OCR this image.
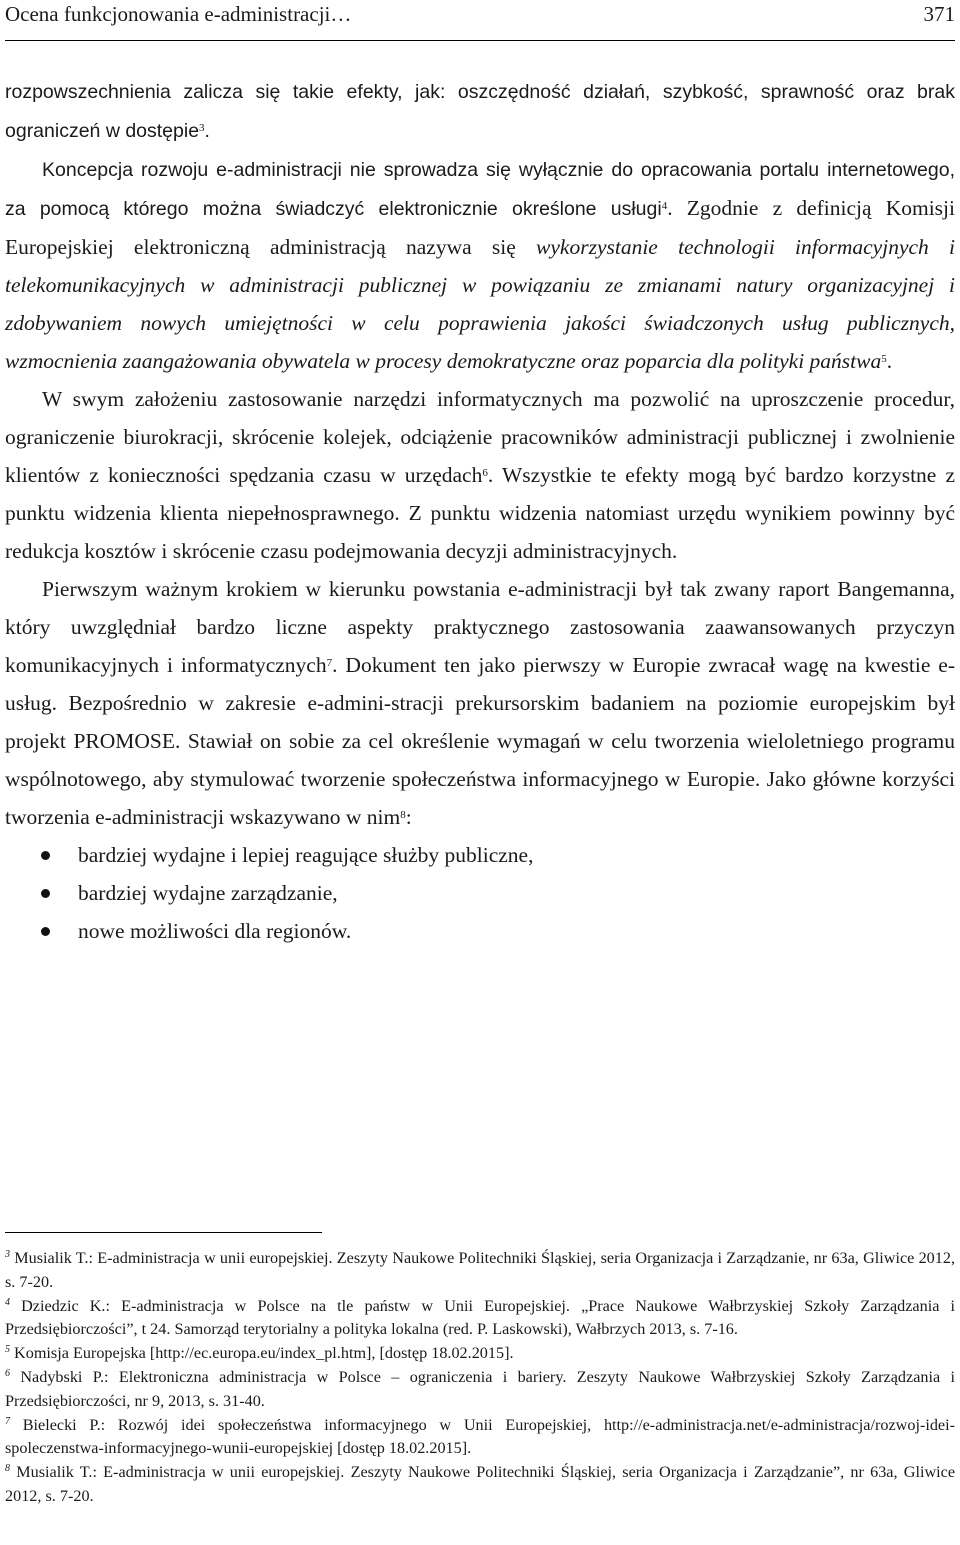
Ocena funkcjonowania e-administracji…	371

rozpowszechnienia zalicza się takie efekty, jak: oszczędność działań, szybkość, sprawność oraz brak ograniczeń w dostępie$^3$.

Koncepcja rozwoju e-administracji nie sprowadza się wyłącznie do opracowania portalu internetowego, za pomocą którego można świadczyć elektronicznie określone usługi$^4$. Zgodnie z definicją Komisji Europejskiej elektroniczną administracją nazywa się wykorzystanie technologii informacyjnych i telekomunikacyjnych w administracji publicznej w powiązaniu ze zmianami natury organizacyjnej i zdobywaniem nowych umiejętności w celu poprawienia jakości świadczonych usług publicznych, wzmocnienia zaangażowania obywatela w procesy demokratyczne oraz poparcia dla polityki państwa$^5$.

W swym założeniu zastosowanie narzędzi informatycznych ma pozwolić na uproszczenie procedur, ograniczenie biurokracji, skrócenie kolejek, odciążenie pracowników administracji publicznej i zwolnienie klientów z konieczności spędzania czasu w urzędach$^6$. Wszystkie te efekty mogą być bardzo korzystne z punktu widzenia klienta niepełnosprawnego. Z punktu widzenia natomiast urzędu wynikiem powinny być redukcja kosztów i skrócenie czasu podejmowania decyzji administracyjnych.

Pierwszym ważnym krokiem w kierunku powstania e-administracji był tak zwany raport Bangemanna, który uwzględniał bardzo liczne aspekty praktycznego zastosowania zaawansowanych przyczyn komunikacyjnych i informatycznych$^7$. Dokument ten jako pierwszy w Europie zwracał wagę na kwestie e-usług. Bezpośrednio w zakresie e-admini-stracji prekursorskim badaniem na poziomie europejskim był projekt PROMOSE. Stawiał on sobie za cel określenie wymagań w celu tworzenia wieloletniego programu wspólnotowego, aby stymulować tworzenie społeczeństwa informacyjnego w Europie. Jako główne korzyści tworzenia e-administracji wskazywano w nim$^8$:

bardziej wydajne i lepiej reagujące służby publiczne,
bardziej wydajne zarządzanie,
nowe możliwości dla regionów.

$^3$ Musialik T.: E-administracja w unii europejskiej. Zeszyty Naukowe Politechniki Śląskiej, seria Organizacja i Zarządzanie, nr 63a, Gliwice 2012, s. 7-20.

$^4$ Dziedzic K.: E-administracja w Polsce na tle państw w Unii Europejskiej. „Prace Naukowe Wałbrzyskiej Szkoły Zarządzania i Przedsiębiorczości”, t 24. Samorząd terytorialny a polityka lokalna (red. P. Laskowski), Wałbrzych 2013, s. 7-16.

$^5$ Komisja Europejska [http://ec.europa.eu/index_pl.htm], [dostęp 18.02.2015].

$^6$ Nadybski P.: Elektroniczna administracja w Polsce – ograniczenia i bariery. Zeszyty Naukowe Wałbrzyskiej Szkoły Zarządzania i Przedsiębiorczości, nr 9, 2013, s. 31-40.

$^7$ Bielecki P.: Rozwój idei społeczeństwa informacyjnego w Unii Europejskiej, http://e-administracja.net/e-administracja/rozwoj-idei-spoleczenstwa-informacyjnego-wunii-europejskiej [dostęp 18.02.2015].

$^8$ Musialik T.: E-administracja w unii europejskiej. Zeszyty Naukowe Politechniki Śląskiej, seria Organizacja i Zarządzanie”, nr 63a, Gliwice 2012, s. 7-20.
